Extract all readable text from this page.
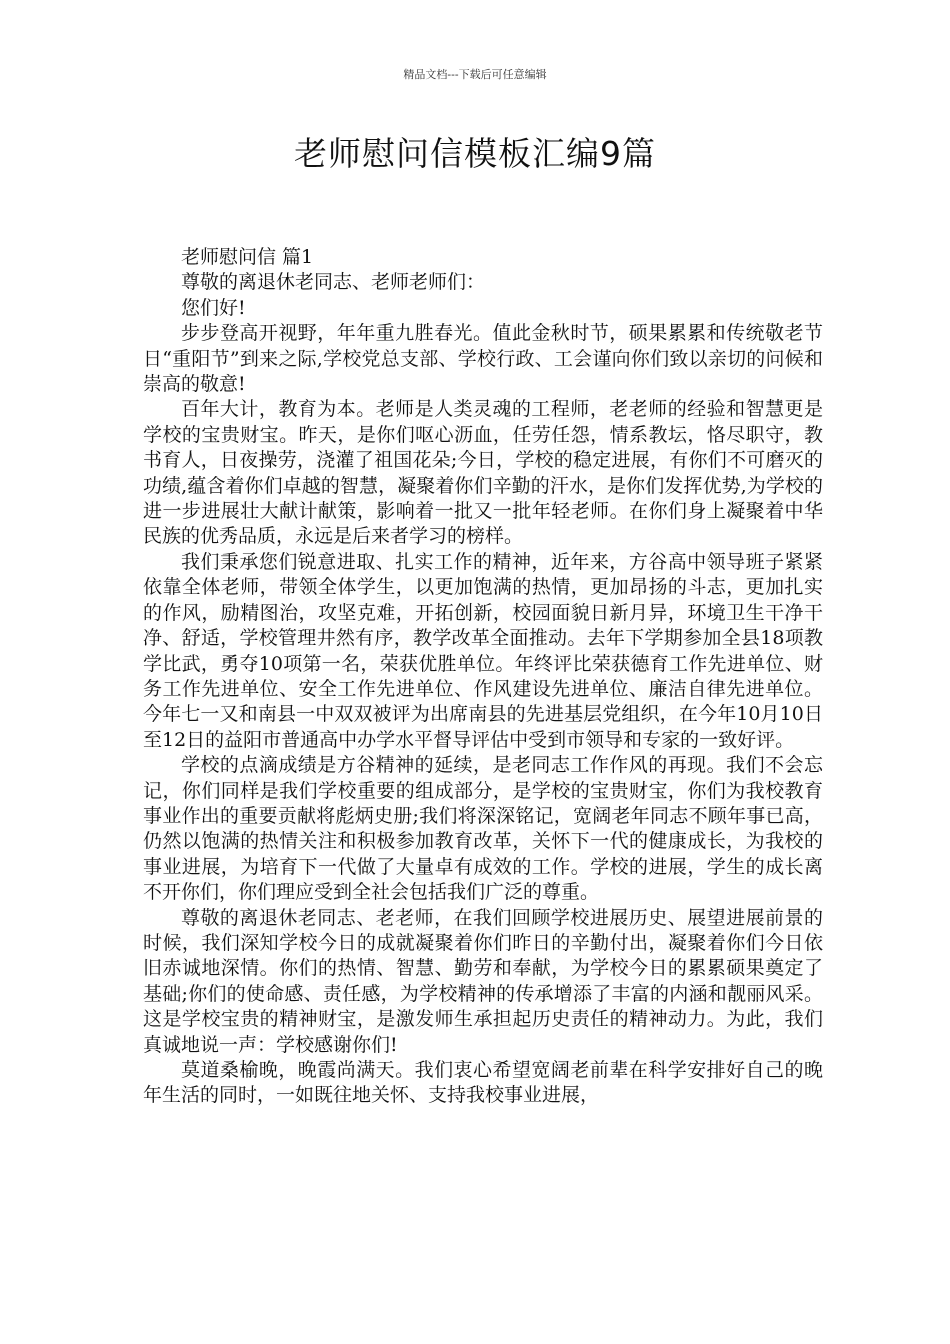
精品文档---下载后可任意编辑
老师慰问信模板汇编9篇

老师慰问信 篇1

尊敬的离退休老同志、老师老师们：

您们好!

步步登高开视野，年年重九胜春光。值此金秋时节，硕果累累和传统敬老节日“重阳节”到来之际,学校党总支部、学校行政、工会谨向你们致以亲切的问候和崇高的敬意!

百年大计，教育为本。老师是人类灵魂的工程师，老老师的经验和智慧更是学校的宝贵财宝。昨天，是你们呕心沥血，任劳任怨，情系教坛，恪尽职守，教书育人，日夜操劳，浇灌了祖国花朵;今日，学校的稳定进展，有你们不可磨灭的功绩,蕴含着你们卓越的智慧，凝聚着你们辛勤的汗水，是你们发挥优势,为学校的进一步进展壮大献计献策，影响着一批又一批年轻老师。在你们身上凝聚着中华民族的优秀品质，永远是后来者学习的榜样。

我们秉承您们锐意进取、扎实工作的精神，近年来，方谷高中领导班子紧紧依靠全体老师，带领全体学生，以更加饱满的热情，更加昂扬的斗志，更加扎实的作风，励精图治，攻坚克难，开拓创新，校园面貌日新月异，环境卫生干净干净、舒适，学校管理井然有序，教学改革全面推动。去年下学期参加全县18项教学比武，勇夺10项第一名，荣获优胜单位。年终评比荣获德育工作先进单位、财务工作先进单位、安全工作先进单位、作风建设先进单位、廉洁自律先进单位。今年七一又和南县一中双双被评为出席南县的先进基层党组织，在今年10月10日至12日的益阳市普通高中办学水平督导评估中受到市领导和专家的一致好评。

学校的点滴成绩是方谷精神的延续，是老同志工作作风的再现。我们不会忘记，你们同样是我们学校重要的组成部分，是学校的宝贵财宝，你们为我校教育事业作出的重要贡献将彪炳史册;我们将深深铭记，宽阔老年同志不顾年事已高，仍然以饱满的热情关注和积极参加教育改革，关怀下一代的健康成长，为我校的事业进展，为培育下一代做了大量卓有成效的工作。学校的进展，学生的成长离不开你们，你们理应受到全社会包括我们广泛的尊重。

尊敬的离退休老同志、老老师，在我们回顾学校进展历史、展望进展前景的时候，我们深知学校今日的成就凝聚着你们昨日的辛勤付出，凝聚着你们今日依旧赤诚地深情。你们的热情、智慧、勤劳和奉献，为学校今日的累累硕果奠定了基础;你们的使命感、责任感，为学校精神的传承增添了丰富的内涵和靓丽风采。这是学校宝贵的精神财宝，是激发师生承担起历史责任的精神动力。为此，我们真诚地说一声：学校感谢你们!

莫道桑榆晚，晚霞尚满天。我们衷心希望宽阔老前辈在科学安排好自己的晚年生活的同时，一如既往地关怀、支持我校事业进展，
